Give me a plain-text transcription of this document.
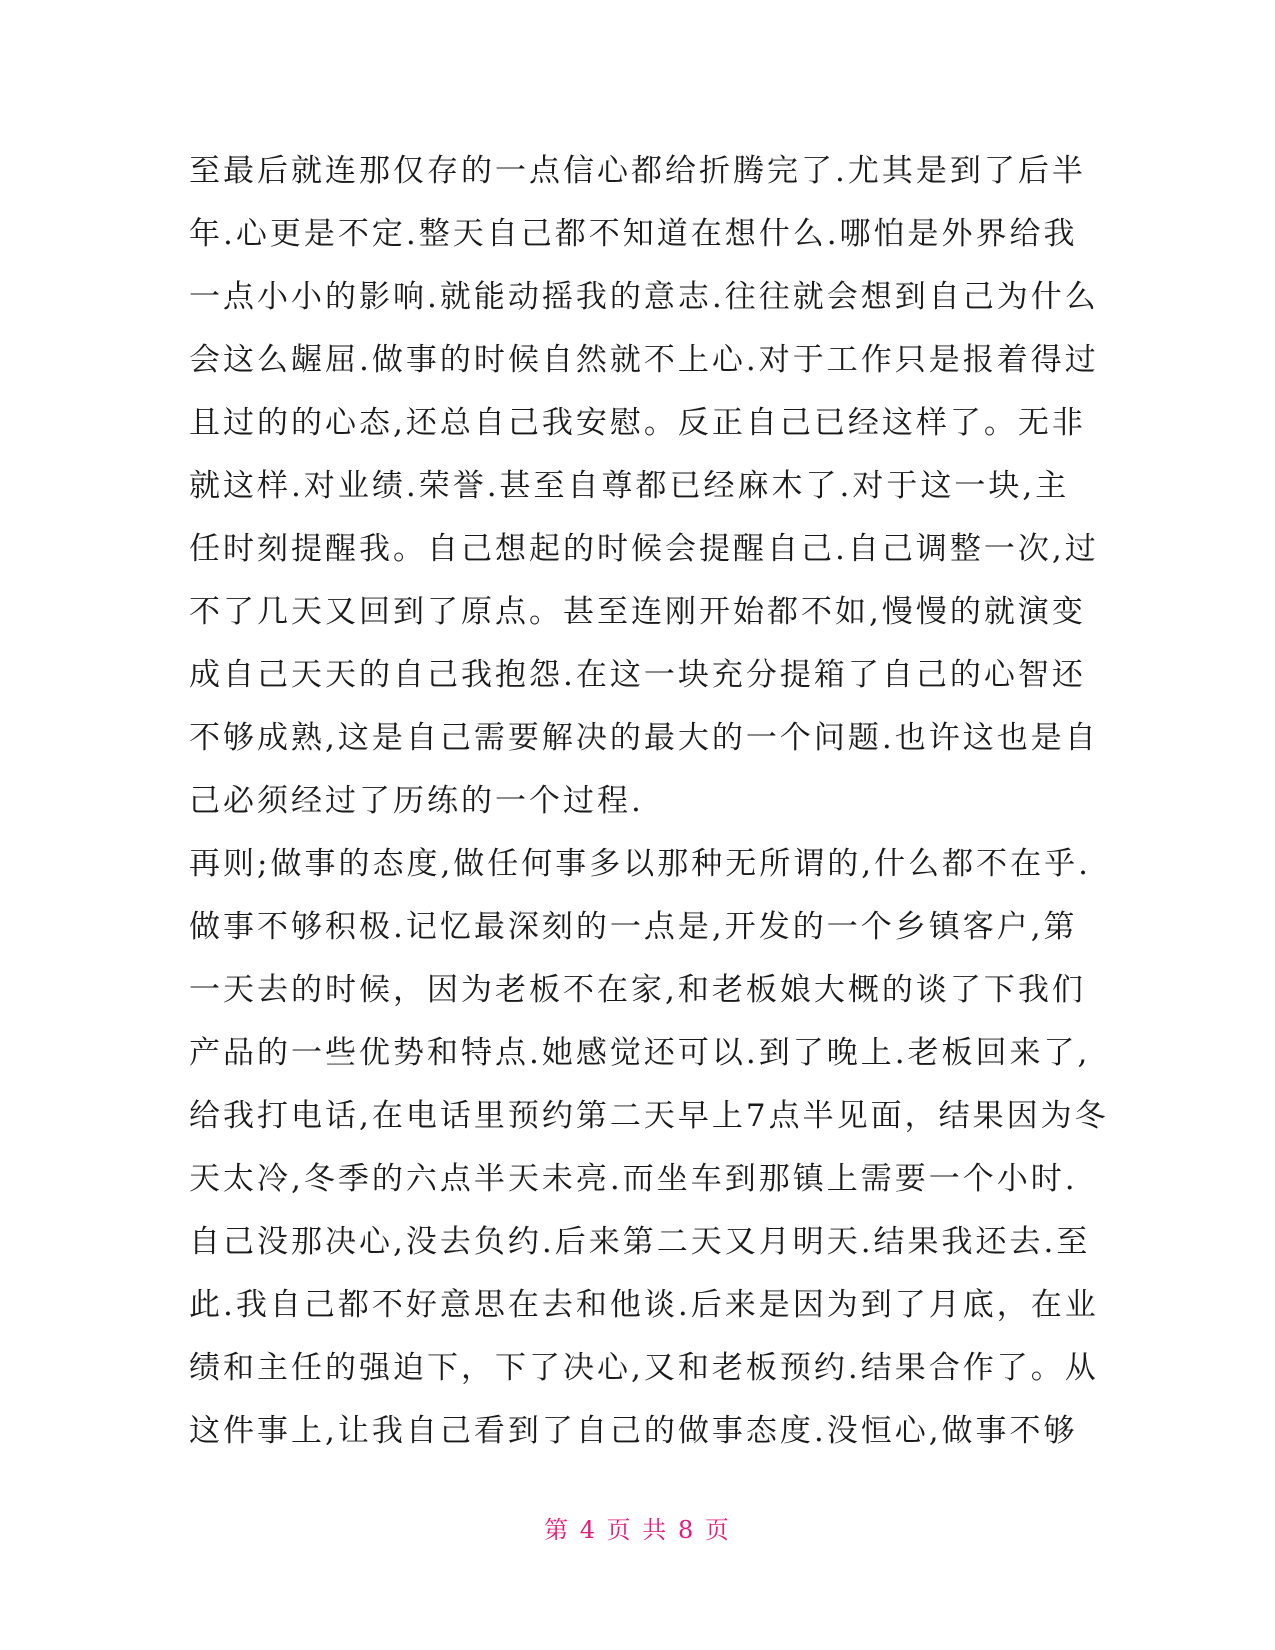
至最后就连那仅存的一点信心都给折腾完了.尤其是到了后半
年.心更是不定.整天自己都不知道在想什么.哪怕是外界给我
一点小小的影响.就能动摇我的意志.往往就会想到自己为什么
会这么龌屈.做事的时候自然就不上心.对于工作只是报着得过
且过的的心态,还总自己我安慰。反正自己已经这样了。无非
就这样.对业绩.荣誉.甚至自尊都已经麻木了.对于这一块,主
任时刻提醒我。自己想起的时候会提醒自己.自己调整一次,过
不了几天又回到了原点。甚至连刚开始都不如,慢慢的就演变
成自己天天的自己我抱怨.在这一块充分提箱了自己的心智还
不够成熟,这是自己需要解决的最大的一个问题.也许这也是自
己必须经过了历练的一个过程.
再则;做事的态度,做任何事多以那种无所谓的,什么都不在乎.
做事不够积极.记忆最深刻的一点是,开发的一个乡镇客户,第
一天去的时候，因为老板不在家,和老板娘大概的谈了下我们
产品的一些优势和特点.她感觉还可以.到了晚上.老板回来了,
给我打电话,在电话里预约第二天早上7点半见面，结果因为冬
天太冷,冬季的六点半天未亮.而坐车到那镇上需要一个小时.
自己没那决心,没去负约.后来第二天又月明天.结果我还去.至
此.我自己都不好意思在去和他谈.后来是因为到了月底，在业
绩和主任的强迫下，下了决心,又和老板预约.结果合作了。从
这件事上,让我自己看到了自己的做事态度.没恒心,做事不够
第 4 页 共 8 页
